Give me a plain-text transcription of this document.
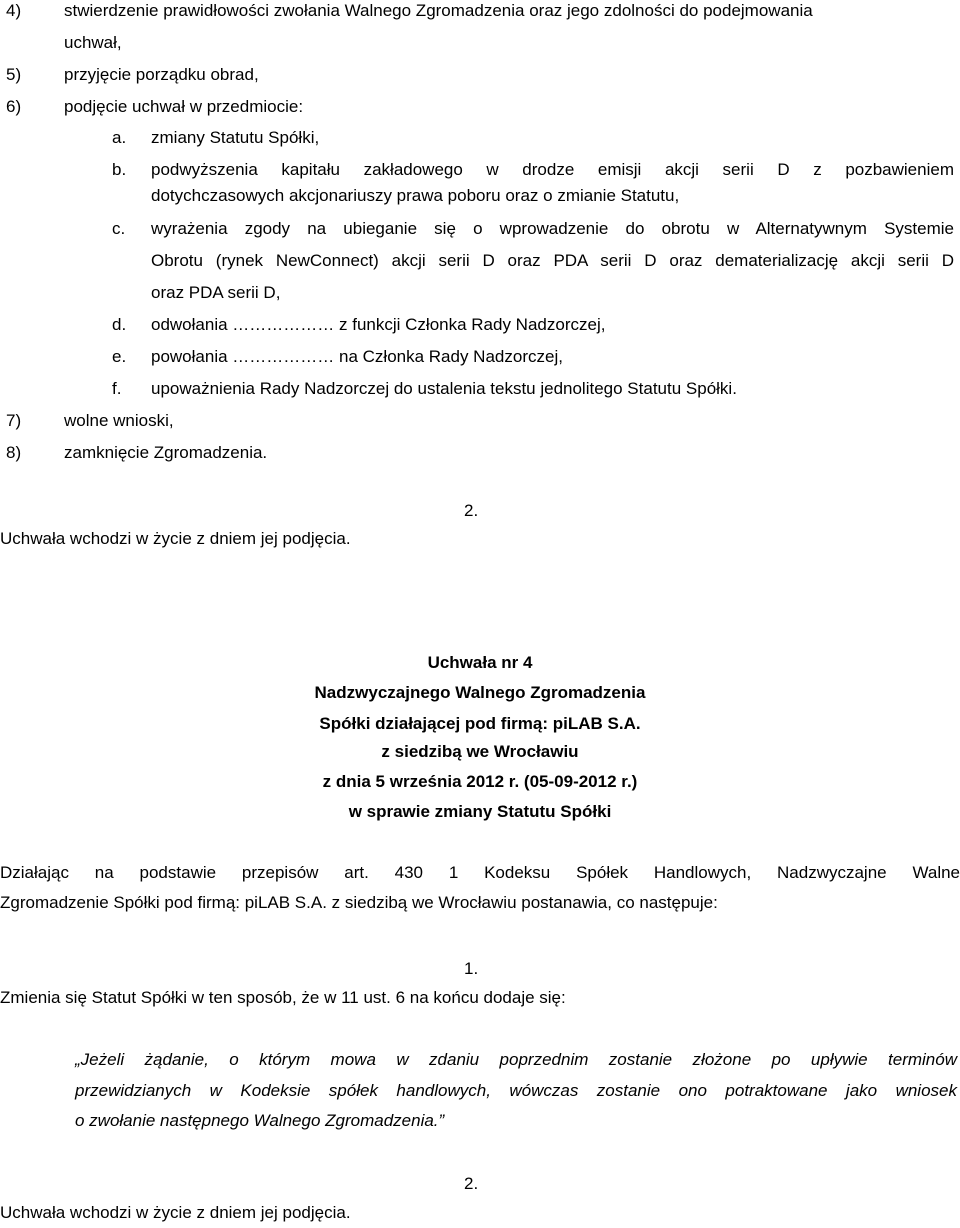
4)	stwierdzenie prawidłowości zwołania Walnego Zgromadzenia oraz jego zdolności do podejmowania
uchwał,
5)	przyjęcie porządku obrad,
6)	podjęcie uchwał w przedmiocie:
a. zmiany Statutu Spółki,
b. podwyższenia kapitału zakładowego w drodze emisji akcji serii D z pozbawieniem
dotychczasowych akcjonariuszy prawa poboru oraz o zmianie Statutu,
c. wyrażenia zgody na ubieganie się o wprowadzenie do obrotu w Alternatywnym Systemie
Obrotu (rynek NewConnect) akcji serii D oraz PDA serii D oraz dematerializację akcji serii D
oraz PDA serii D,
d. odwołania ……………… z funkcji Członka Rady Nadzorczej,
e. powołania ……………… na Członka Rady Nadzorczej,
f. upoważnienia Rady Nadzorczej do ustalenia tekstu jednolitego Statutu Spółki.
7)	wolne wnioski,
8)	zamknięcie Zgromadzenia.
2.
Uchwała wchodzi w życie z dniem jej podjęcia.
Uchwała nr 4
Nadzwyczajnego Walnego Zgromadzenia
Spółki działającej pod firmą: piLAB S.A.
z siedzibą we Wrocławiu
z dnia 5 września 2012 r. (05-09-2012 r.)
w sprawie zmiany Statutu Spółki
Działając na podstawie przepisów art. 430 1 Kodeksu Spółek Handlowych, Nadzwyczajne Walne
Zgromadzenie Spółki pod firmą: piLAB S.A. z siedzibą we Wrocławiu postanawia, co następuje:
1.
Zmienia się Statut Spółki w ten sposób, że w 11 ust. 6 na końcu dodaje się:
„Jeżeli żądanie, o którym mowa w zdaniu poprzednim zostanie złożone po upływie terminów
przewidzianych w Kodeksie spółek handlowych, wówczas zostanie ono potraktowane jako wniosek
o zwołanie następnego Walnego Zgromadzenia.”
2.
Uchwała wchodzi w życie z dniem jej podjęcia.
